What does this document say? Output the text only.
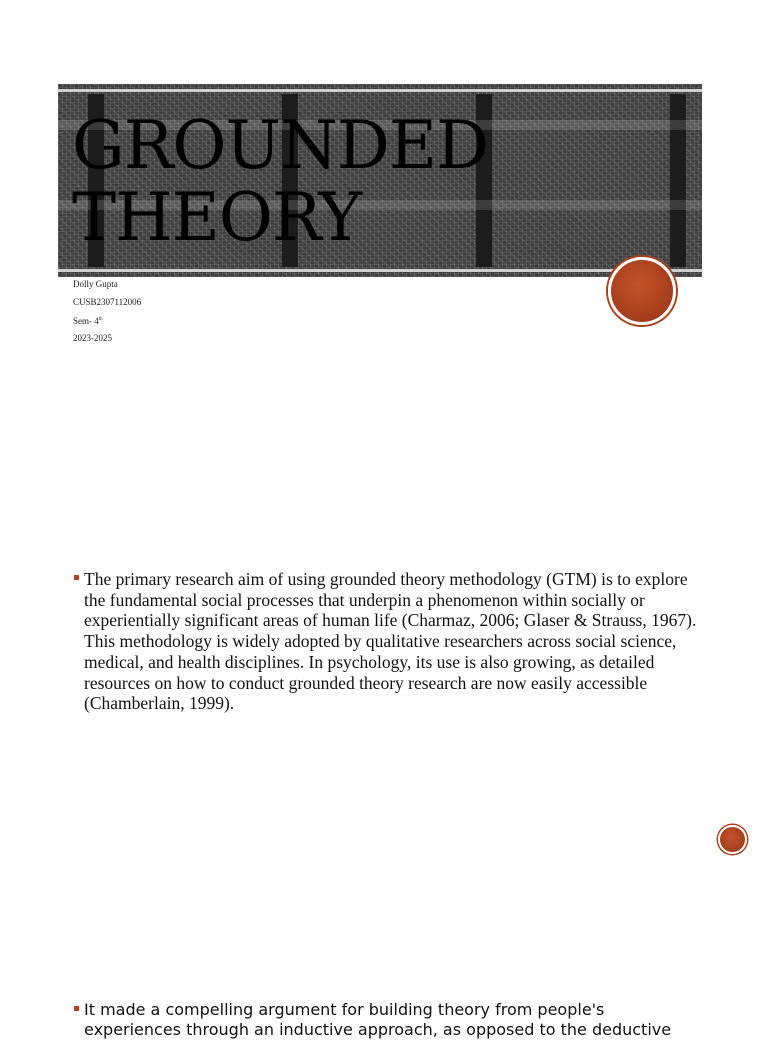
GROUNDED
THEORY
Dolly Gupta
CUSB2307112006
Sem- 4th
2023-2025

The primary research aim of using grounded theory methodology (GTM) is to explore the fundamental social processes that underpin a phenomenon within socially or experientially significant areas of human life (Charmaz, 2006; Glaser & Strauss, 1967). This methodology is widely adopted by qualitative researchers across social science, medical, and health disciplines. In psychology, its use is also growing, as detailed resources on how to conduct grounded theory research are now easily accessible (Chamberlain, 1999).

It made a compelling argument for building theory from people's experiences through an inductive approach, as opposed to the deductive
